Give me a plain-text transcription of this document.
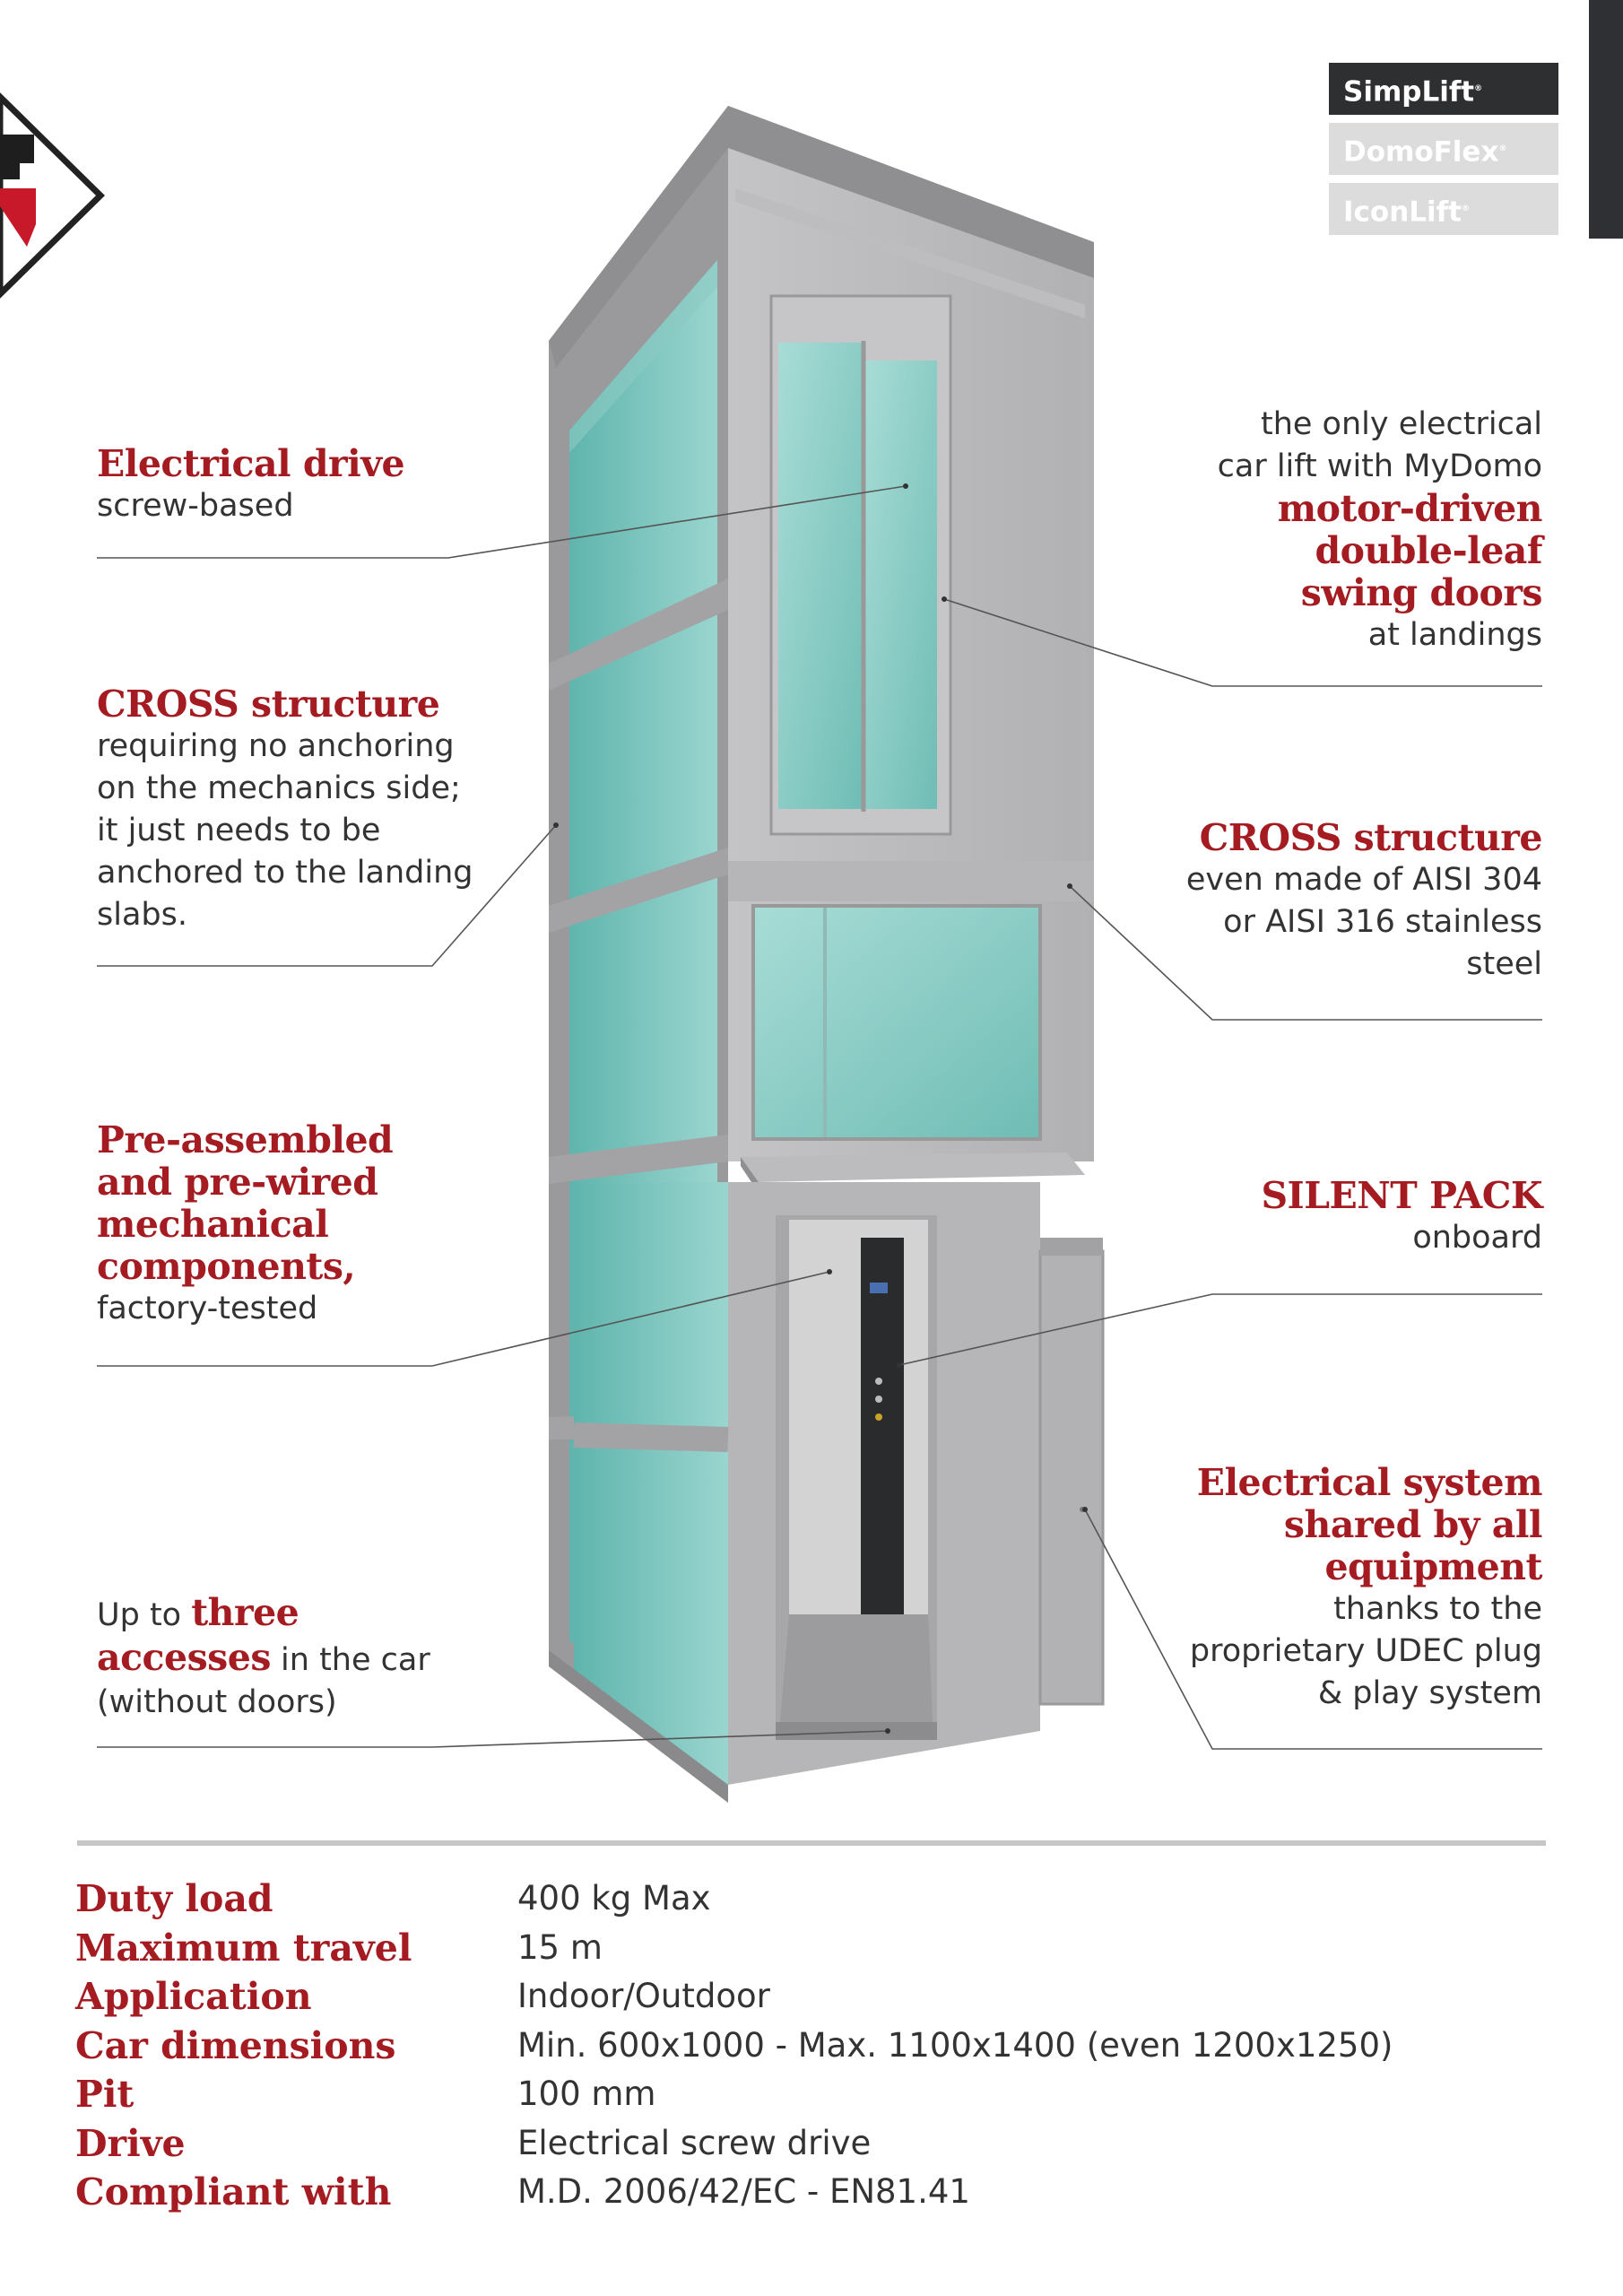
SimpLift®
DomoFlex®
IconLift®
Electrical drive
screw-based
CROSS structure
requiring no anchoring
on the mechanics side;
it just needs to be
anchored to the landing
slabs.
Pre-assembled
and pre-wired
mechanical
components,
factory-tested
Up to three
accesses in the car
(without doors)
the only electrical
car lift with MyDomo
motor-driven
double-leaf
swing doors
at landings
CROSS structure
even made of AISI 304
or AISI 316 stainless
steel
SILENT PACK
onboard
Electrical system
shared by all
equipment
thanks to the
proprietary UDEC plug
& play system
Duty load	400 kg Max
Maximum travel	15 m
Application	Indoor/Outdoor
Car dimensions	Min. 600x1000 - Max. 1100x1400 (even 1200x1250)
Pit	100 mm
Drive	Electrical screw drive
Compliant with	M.D. 2006/42/EC - EN81.41
